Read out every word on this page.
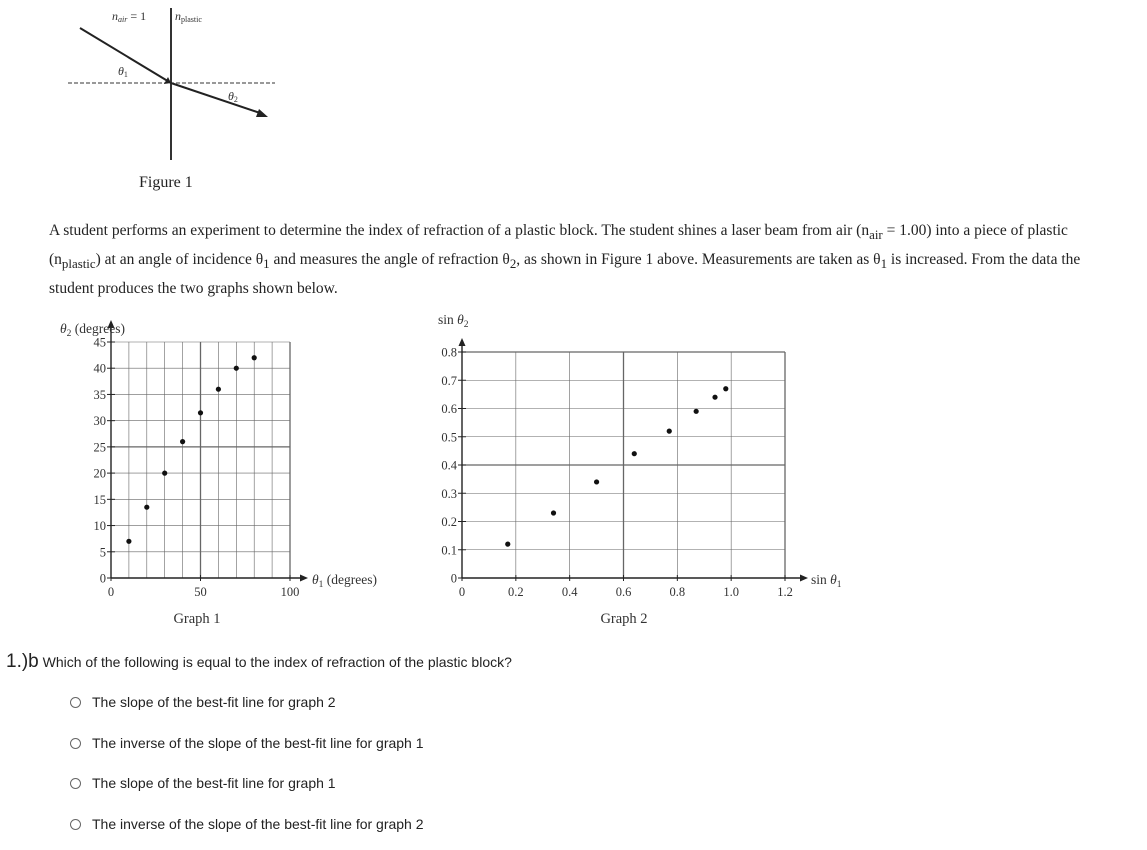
nair = 1 nplastic
θ1
θ2
Figure 1
A student performs an experiment to determine the index of refraction of a plastic block. The student shines a laser beam from air $(n_{air} = 1.00)$ into a piece of plastic $(n_{plastic})$ at an angle of incidence $\theta_1$ and measures the angle of refraction $\theta_2$, as shown in Figure 1 above. Measurements are taken as $\theta_1$ is increased. From the data the student produces the two graphs shown below.
0	50	100
0
5
10
15
20
25
30
35
40
45
$\theta_1$ (degrees)
$\theta_2$ (degrees)
Graph 1
0	0.2	0.4	0.6	0.8	1.0	1.2
0
0.1
0.2
0.3
0.4
0.5
0.6
0.7
0.8
$\sin \theta_1$
$\sin \theta_2$
Graph 2
1.)b Which of the following is equal to the index of refraction of the plastic block?
The slope of the best-fit line for graph 2
The inverse of the slope of the best-fit line for graph 1
The slope of the best-fit line for graph 1
The inverse of the slope of the best-fit line for graph 2
